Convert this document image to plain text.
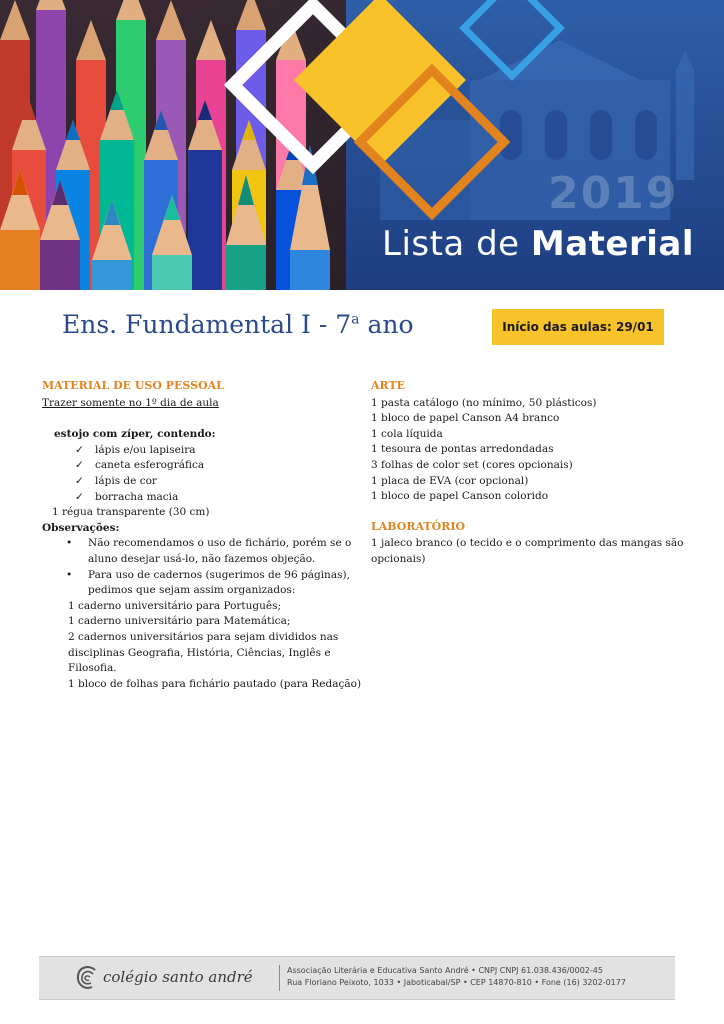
2019
Lista de Material
Ens. Fundamental I - 7$^a$ ano	Início das aulas: 29/01
MATERIAL DE USO PESSOAL
Trazer somente no 1º dia de aula
estojo com zíper, contendo:
✓ lápis e/ou lapiseira
✓ caneta esferográfica
✓ lápis de cor
✓ borracha macia
1 régua transparente (30 cm)
Observações:
• Não recomendamos o uso de fichário, porém se o aluno desejar usá-lo, não fazemos objeção.
• Para uso de cadernos (sugerimos de 96 páginas), pedimos que sejam assim organizados:
1 caderno universitário para Português;
1 caderno universitário para Matemática;
2 cadernos universitários para sejam divididos nas disciplinas Geografia, História, Ciências, Inglês e Filosofia.
1 bloco de folhas para fichário pautado (para Redação)
ARTE
1 pasta catálogo (no mínimo, 50 plásticos)
1 bloco de papel Canson A4 branco
1 cola líquida
1 tesoura de pontas arredondadas
3 folhas de color set (cores opcionais)
1 placa de EVA (cor opcional)
1 bloco de papel Canson colorido
LABORATÓRIO
1 jaleco branco (o tecido e o comprimento das mangas são opcionais)
colégio santo andré	Associação Literária e Educativa Santo André • CNPJ CNPJ 61.038.436/0002-45
Rua Floriano Peixoto, 1033 • Jaboticabal/SP • CEP 14870-810 • Fone (16) 3202-0177
